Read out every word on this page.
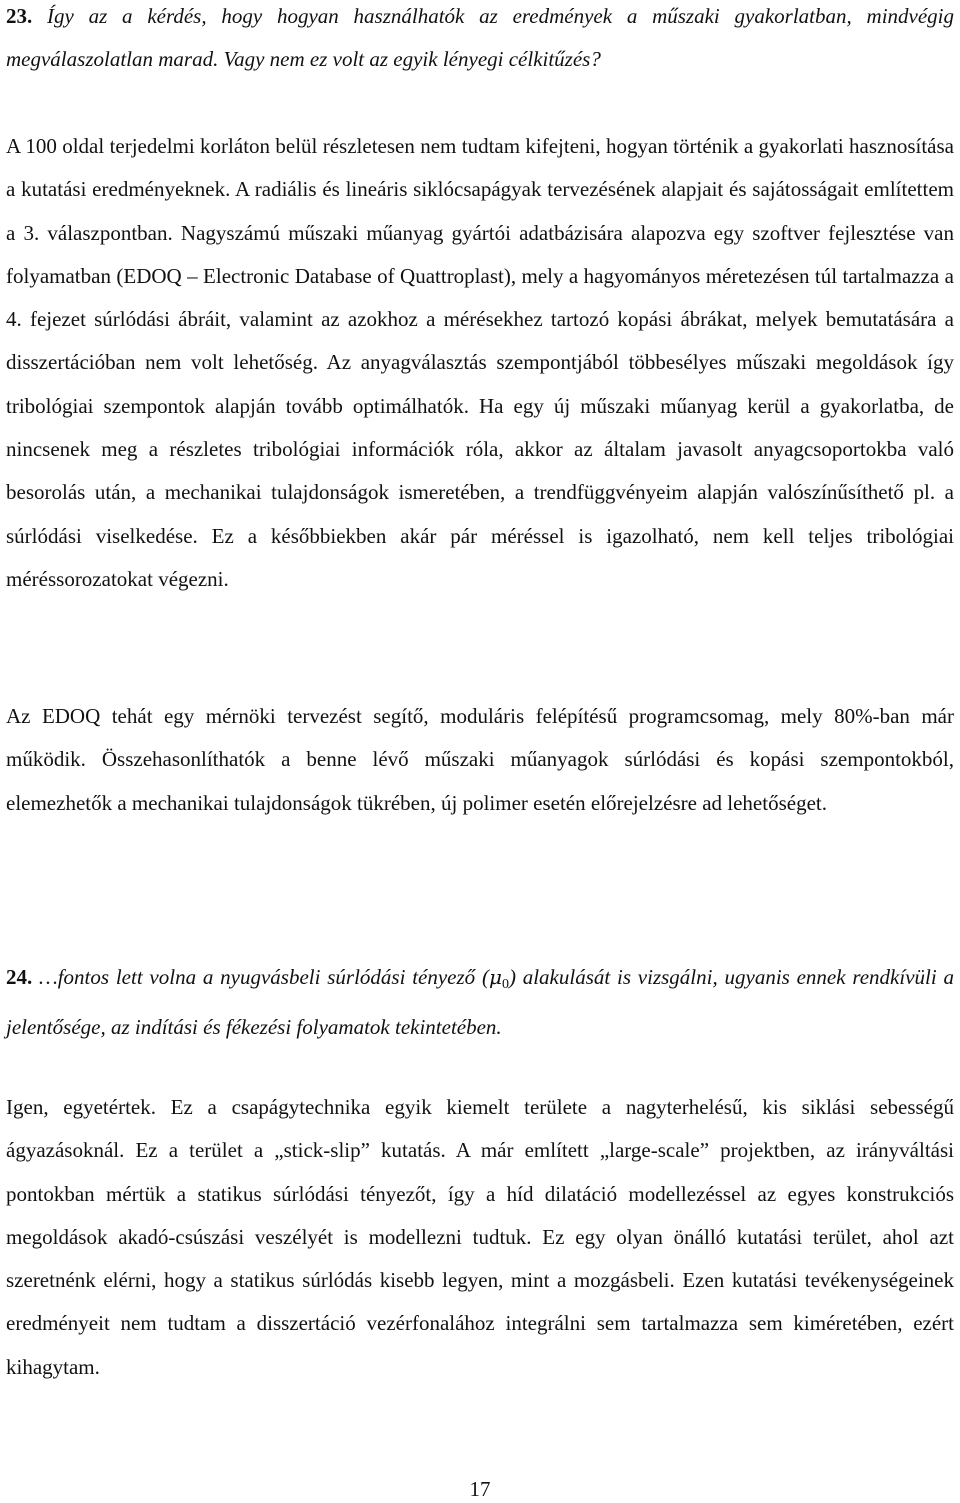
23. Így az a kérdés, hogy hogyan használhatók az eredmények a műszaki gyakorlatban, mindvégig megválaszolatlan marad. Vagy nem ez volt az egyik lényegi célkitűzés?

A 100 oldal terjedelmi korláton belül részletesen nem tudtam kifejteni, hogyan történik a gyakorlati hasznosítása a kutatási eredményeknek. A radiális és lineáris siklócsapágyak tervezésének alapjait és sajátosságait említettem a 3. válaszpontban. Nagyszámú műszaki műanyag gyártói adatbázisára alapozva egy szoftver fejlesztése van folyamatban (EDOQ – Electronic Database of Quattroplast), mely a hagyományos méretezésen túl tartalmazza a 4. fejezet súrlódási ábráit, valamint az azokhoz a mérésekhez tartozó kopási ábrákat, melyek bemutatására a disszertációban nem volt lehetőség. Az anyagválasztás szempontjából többesélyes műszaki megoldások így tribológiai szempontok alapján tovább optimálhatók. Ha egy új műszaki műanyag kerül a gyakorlatba, de nincsenek meg a részletes tribológiai információk róla, akkor az általam javasolt anyagcsoportokba való besorolás után, a mechanikai tulajdonságok ismeretében, a trendfüggvényeim alapján valószínűsíthető pl. a súrlódási viselkedése. Ez a későbbiekben akár pár méréssel is igazolható, nem kell teljes tribológiai méréssorozatokat végezni.

Az EDOQ tehát egy mérnöki tervezést segítő, moduláris felépítésű programcsomag, mely 80%-ban már működik. Összehasonlíthatók a benne lévő műszaki műanyagok súrlódási és kopási szempontokból, elemezhetők a mechanikai tulajdonságok tükrében, új polimer esetén előrejelzésre ad lehetőséget.

24. …fontos lett volna a nyugvásbeli súrlódási tényező $(\mu_0)$ alakulását is vizsgálni, ugyanis ennek rendkívüli a jelentősége, az indítási és fékezési folyamatok tekintetében.

Igen, egyetértek. Ez a csapágytechnika egyik kiemelt területe a nagyterhelésű, kis siklási sebességű ágyazásoknál. Ez a terület a „stick-slip” kutatás. A már említett „large-scale” projektben, az irányváltási pontokban mértük a statikus súrlódási tényezőt, így a híd dilatáció modellezéssel az egyes konstrukciós megoldások akadó-csúszási veszélyét is modellezni tudtuk. Ez egy olyan önálló kutatási terület, ahol azt szeretnénk elérni, hogy a statikus súrlódás kisebb legyen, mint a mozgásbeli. Ezen kutatási tevékenységeinek eredményeit nem tudtam a disszertáció vezérfonalához integrálni sem tartalmazza sem kiméretében, ezért kihagytam.

17
